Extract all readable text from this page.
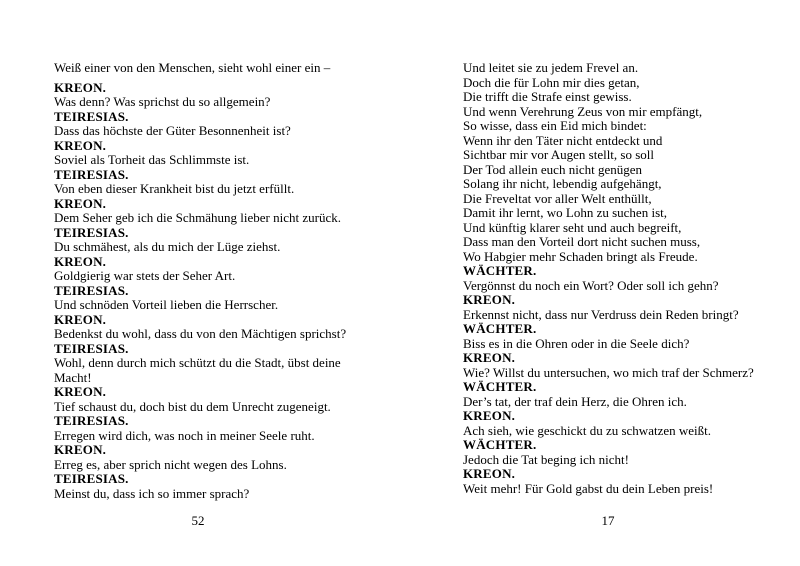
Weiß einer von den Menschen, sieht wohl einer ein –
KREON.
Was denn? Was sprichst du so allgemein?
TEIRESIAS.
Dass das höchste der Güter Besonnenheit ist?
KREON.
Soviel als Torheit das Schlimmste ist.
TEIRESIAS.
Von eben dieser Krankheit bist du jetzt erfüllt.
KREON.
Dem Seher geb ich die Schmähung lieber nicht zurück.
TEIRESIAS.
Du schmähest, als du mich der Lüge ziehst.
KREON.
Goldgierig war stets der Seher Art.
TEIRESIAS.
Und schnöden Vorteil lieben die Herrscher.
KREON.
Bedenkst du wohl, dass du von den Mächtigen sprichst?
TEIRESIAS.
Wohl, denn durch mich schützt du die Stadt, übst deine
Macht!
KREON.
Tief schaust du, doch bist du dem Unrecht zugeneigt.
TEIRESIAS.
Erregen wird dich, was noch in meiner Seele ruht.
KREON.
Erreg es, aber sprich nicht wegen des Lohns.
TEIRESIAS.
Meinst du, dass ich so immer sprach?
52
Und leitet sie zu jedem Frevel an.
Doch die für Lohn mir dies getan,
Die trifft die Strafe einst gewiss.
Und wenn Verehrung Zeus von mir empfängt,
So wisse, dass ein Eid mich bindet:
Wenn ihr den Täter nicht entdeckt und
Sichtbar mir vor Augen stellt, so soll
Der Tod allein euch nicht genügen
Solang ihr nicht, lebendig aufgehängt,
Die Freveltat vor aller Welt enthüllt,
Damit ihr lernt, wo Lohn zu suchen ist,
Und künftig klarer seht und auch begreift,
Dass man den Vorteil dort nicht suchen muss,
Wo Habgier mehr Schaden bringt als Freude.
WÄCHTER.
Vergönnst du noch ein Wort? Oder soll ich gehn?
KREON.
Erkennst nicht, dass nur Verdruss dein Reden bringt?
WÄCHTER.
Biss es in die Ohren oder in die Seele dich?
KREON.
Wie? Willst du untersuchen, wo mich traf der Schmerz?
WÄCHTER.
Der’s tat, der traf dein Herz, die Ohren ich.
KREON.
Ach sieh, wie geschickt du zu schwatzen weißt.
WÄCHTER.
Jedoch die Tat beging ich nicht!
KREON.
Weit mehr! Für Gold gabst du dein Leben preis!
17
